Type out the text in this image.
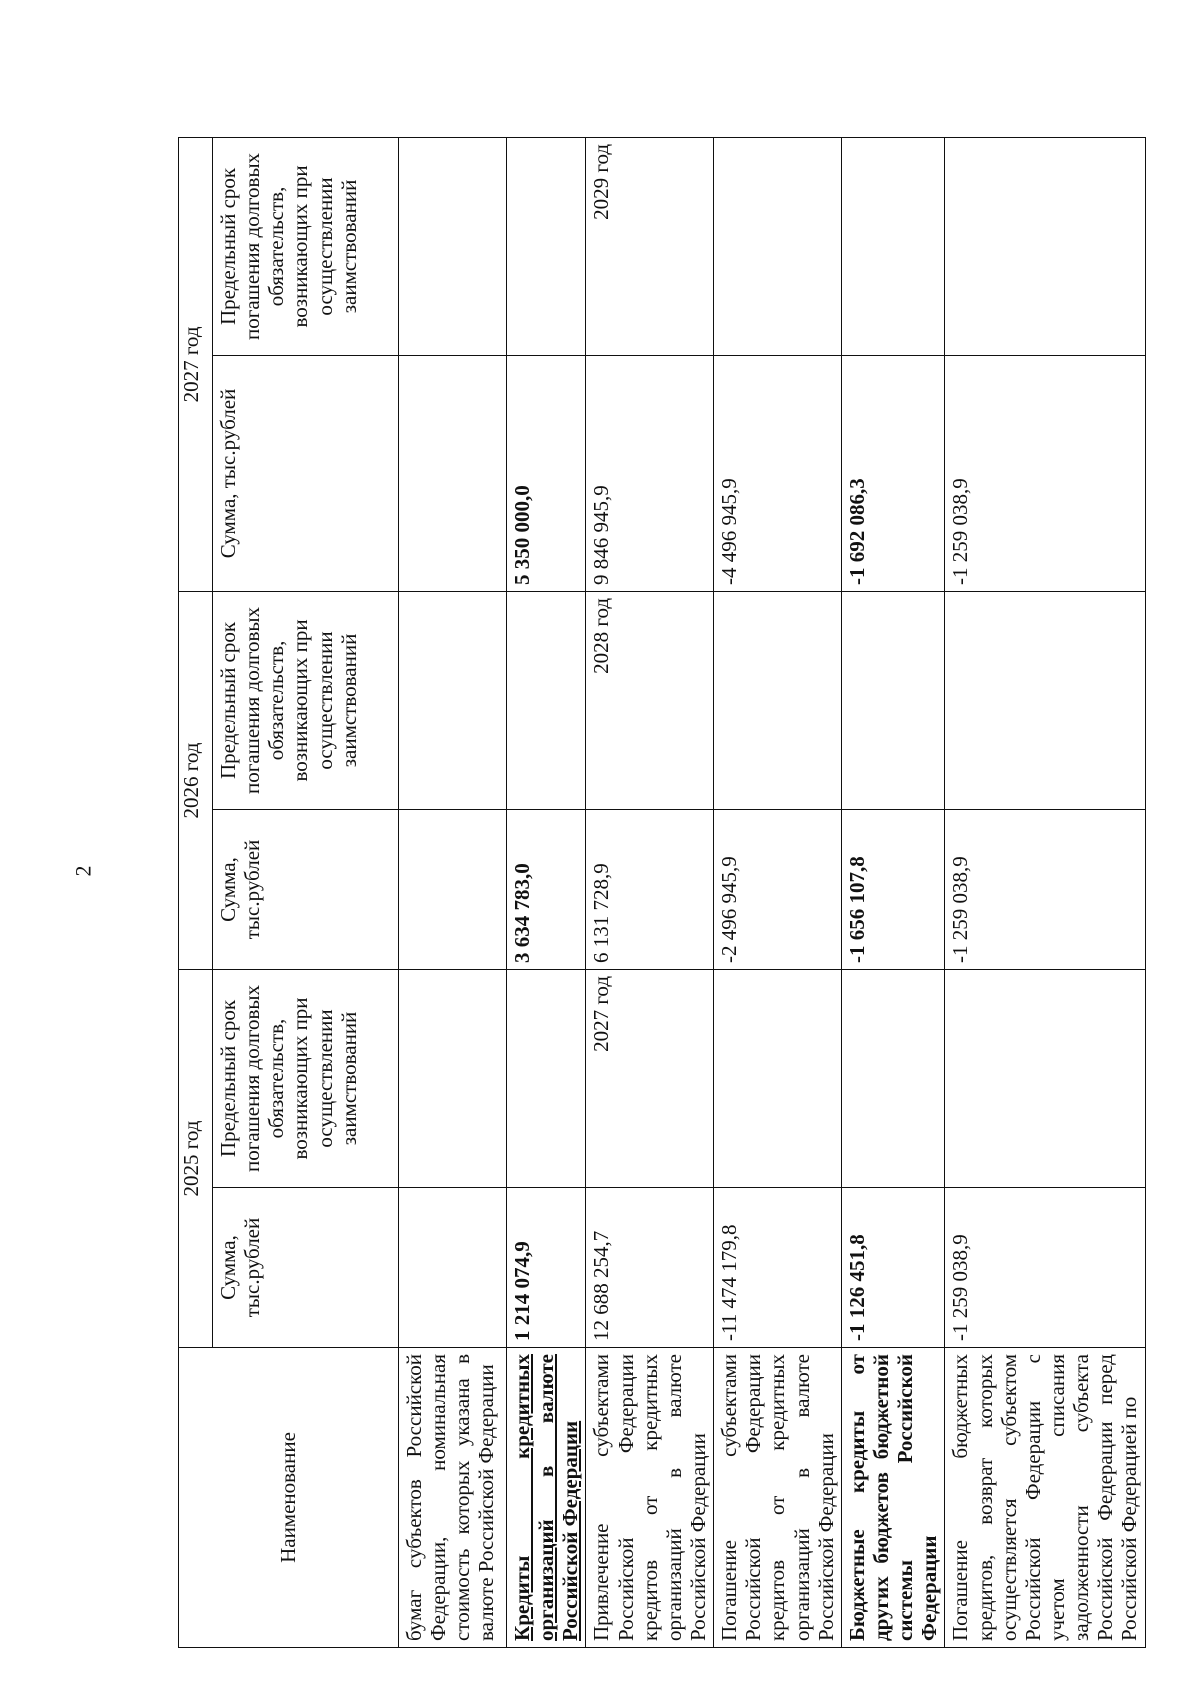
2
Наименование	2025 год		2026 год		2027 год	
	Сумма, тыс.рублей	Предельный срок погашения долговых обязательств, возникающих при осуществлении заимствований	Сумма, тыс.рублей	Предельный срок погашения долговых обязательств, возникающих при осуществлении заимствований	Сумма, тыс.рублей	Предельный срок погашения долговых обязательств, возникающих при осуществлении заимствований
бумаг субъектов Российской Федерации, номинальная стоимость которых указана в валюте Российской Федерации						
Кредиты кредитных организаций в валюте Российской Федерации	1 214 074,9		3 634 783,0		5 350 000,0	
Привлечение субъектами Российской Федерации кредитов от кредитных организаций в валюте Российской Федерации	12 688 254,7	2027 год	6 131 728,9	2028 год	9 846 945,9	2029 год
Погашение субъектами Российской Федерации кредитов от кредитных организаций в валюте Российской Федерации	-11 474 179,8		-2 496 945,9		-4 496 945,9	
Бюджетные кредиты от других бюджетов бюджетной системы Российской Федерации	-1 126 451,8		-1 656 107,8		-1 692 086,3	
Погашение бюджетных кредитов, возврат которых осуществляется субъектом Российской Федерации с учетом списания задолженности субъекта Российской Федерации перед Российской Федерацией по	-1 259 038,9		-1 259 038,9		-1 259 038,9	
